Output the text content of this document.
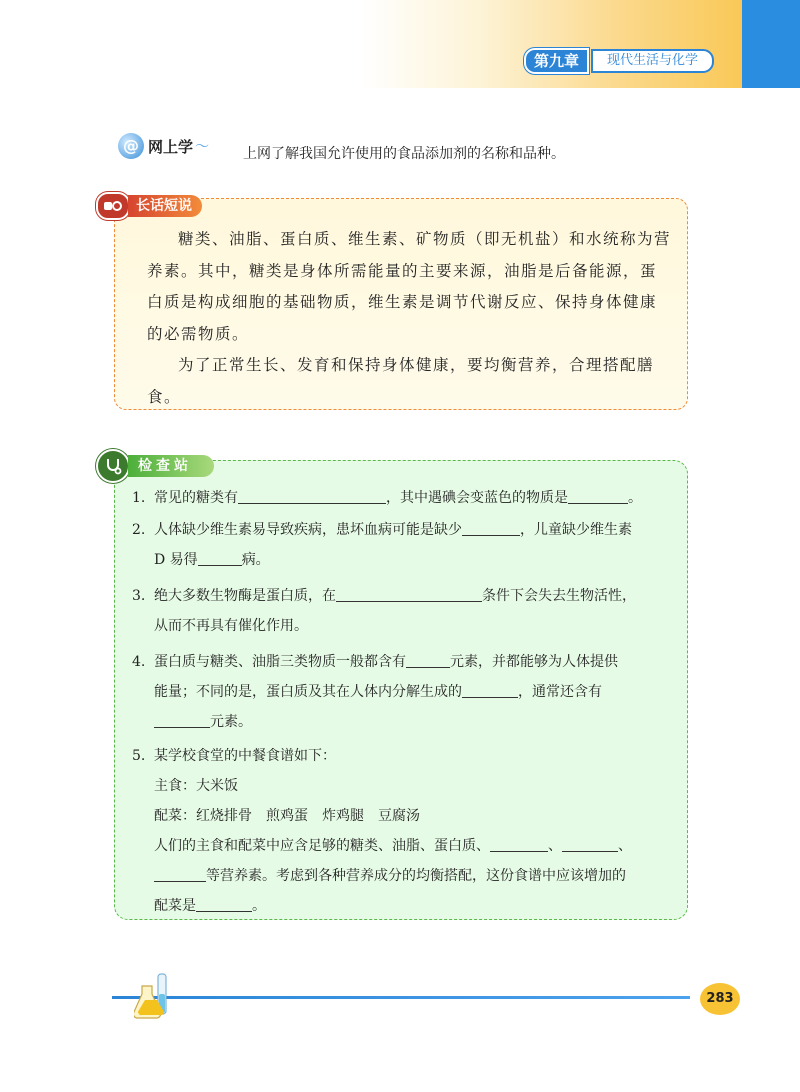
第九章	现代生活与化学
@ 网上学 ～ 上网了解我国允许使用的食品添加剂的名称和品种。
长话短说

糖类、油脂、蛋白质、维生素、矿物质（即无机盐）和水统称为营养素。其中，糖类是身体所需能量的主要来源，油脂是后备能源，蛋白质是构成细胞的基础物质，维生素是调节代谢反应、保持身体健康的必需物质。

为了正常生长、发育和保持身体健康，要均衡营养，合理搭配膳食。

检查站
1. 常见的糖类有	，其中遇碘会变蓝色的物质是	。
2. 人体缺少维生素易导致疾病，患坏血病可能是缺少	，儿童缺少维生素
D 易得	病。
3. 绝大多数生物酶是蛋白质，在	条件下会失去生物活性，
从而不再具有催化作用。
4. 蛋白质与糖类、油脂三类物质一般都含有	元素，并都能够为人体提供
能量；不同的是，蛋白质及其在人体内分解生成的	，通常还含有
元素。
5. 某学校食堂的中餐食谱如下：
主食：大米饭
配菜：红烧排骨　煎鸡蛋　炸鸡腿　豆腐汤
人们的主食和配菜中应含足够的糖类、油脂、蛋白质、	、	、
等营养素。考虑到各种营养成分的均衡搭配，这份食谱中应该增加的
配菜是	。
283
